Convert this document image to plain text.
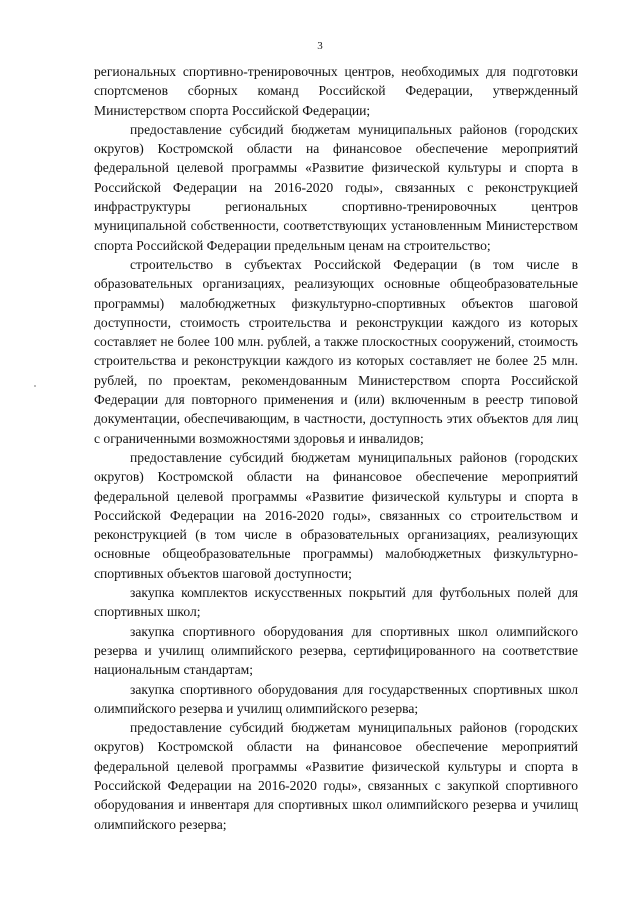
3

региональных спортивно-тренировочных центров, необходимых для подготовки спортсменов сборных команд Российской Федерации, утвержденный Министерством спорта Российской Федерации;

предоставление субсидий бюджетам муниципальных районов (городских округов) Костромской области на финансовое обеспечение мероприятий федеральной целевой программы «Развитие физической культуры и спорта в Российской Федерации на 2016-2020 годы», связанных с реконструкцией инфраструктуры региональных спортивно-тренировочных центров муниципальной собственности, соответствующих установленным Министерством спорта Российской Федерации предельным ценам на строительство;

строительство в субъектах Российской Федерации (в том числе в образовательных организациях, реализующих основные общеобразовательные программы) малобюджетных физкультурно-спортивных объектов шаговой доступности, стоимость строительства и реконструкции каждого из которых составляет не более 100 млн. рублей, а также плоскостных сооружений, стоимость строительства и реконструкции каждого из которых составляет не более 25 млн. рублей, по проектам, рекомендованным Министерством спорта Российской Федерации для повторного применения и (или) включенным в реестр типовой документации, обеспечивающим, в частности, доступность этих объектов для лиц с ограниченными возможностями здоровья и инвалидов;

предоставление субсидий бюджетам муниципальных районов (городских округов) Костромской области на финансовое обеспечение мероприятий федеральной целевой программы «Развитие физической культуры и спорта в Российской Федерации на 2016-2020 годы», связанных со строительством и реконструкцией (в том числе в образовательных организациях, реализующих основные общеобразовательные программы) малобюджетных физкультурно-спортивных объектов шаговой доступности;

закупка комплектов искусственных покрытий для футбольных полей для спортивных школ;

закупка спортивного оборудования для спортивных школ олимпийского резерва и училищ олимпийского резерва, сертифицированного на соответствие национальным стандартам;

закупка спортивного оборудования для государственных спортивных школ олимпийского резерва и училищ олимпийского резерва;

предоставление субсидий бюджетам муниципальных районов (городских округов) Костромской области на финансовое обеспечение мероприятий федеральной целевой программы «Развитие физической культуры и спорта в Российской Федерации на 2016-2020 годы», связанных с закупкой спортивного оборудования и инвентаря для спортивных школ олимпийского резерва и училищ олимпийского резерва;
